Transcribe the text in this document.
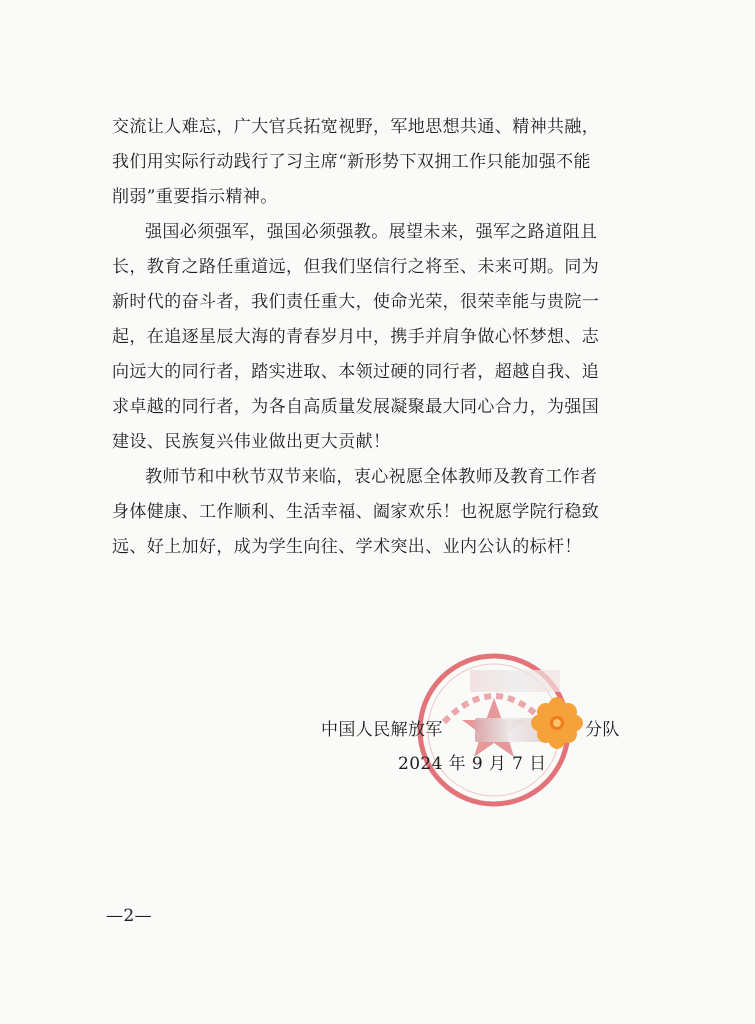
交流让人难忘，广大官兵拓宽视野，军地思想共通、精神共融，
我们用实际行动践行了习主席“新形势下双拥工作只能加强不能
削弱”重要指示精神。
强国必须强军，强国必须强教。展望未来，强军之路道阻且
长，教育之路任重道远，但我们坚信行之将至、未来可期。同为
新时代的奋斗者，我们责任重大，使命光荣，很荣幸能与贵院一
起，在追逐星辰大海的青春岁月中，携手并肩争做心怀梦想、志
向远大的同行者，踏实进取、本领过硬的同行者，超越自我、追
求卓越的同行者，为各自高质量发展凝聚最大同心合力，为强国
建设、民族复兴伟业做出更大贡献！
教师节和中秋节双节来临，衷心祝愿全体教师及教育工作者
身体健康、工作顺利、生活幸福、阖家欢乐！也祝愿学院行稳致
远、好上加好，成为学生向往、学术突出、业内公认的标杆！
中国人民解放军	分队
2024 年 9 月 7 日
—2—
